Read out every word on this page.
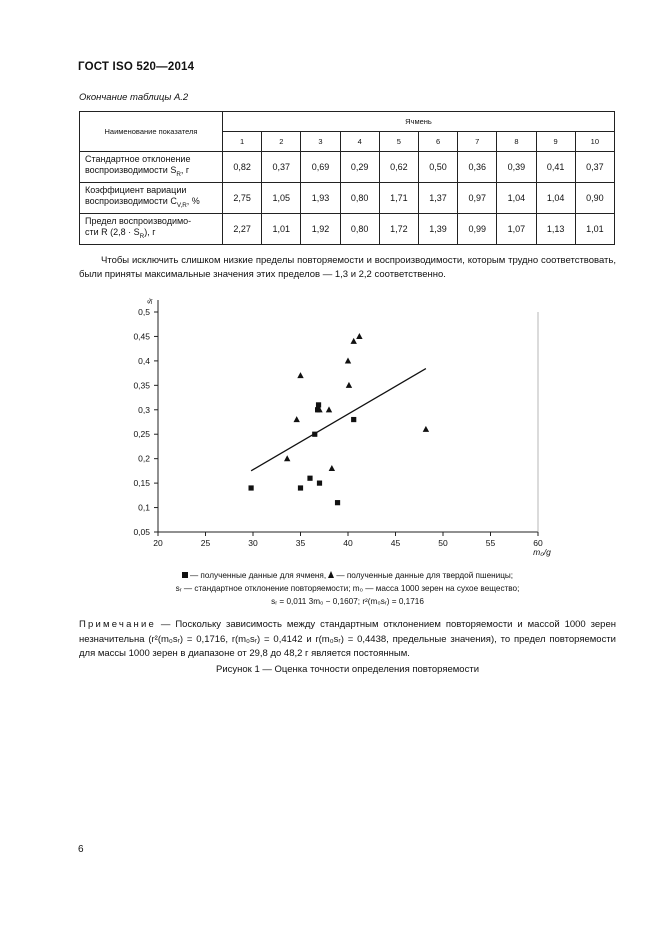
ГОСТ ISO 520—2014
Окончание таблицы А.2
Наименование показателя	Ячмень									
	1	2	3	4	5	6	7	8	9	10
Стандартное отклонение
воспроизводимости $S_R$, г	0,82	0,37	0,69	0,29	0,62	0,50	0,36	0,39	0,41	0,37
Коэффициент вариации
воспроизводимости $C_{V,R}$, %	2,75	1,05	1,93	0,80	1,71	1,37	0,97	1,04	1,04	0,90
Предел воспроизводимо-
сти R $(2,8 \cdot S_R)$, г	2,27	1,01	1,92	0,80	1,72	1,39	0,99	1,07	1,13	1,01
Чтобы исключить слишком низкие пределы повторяемости и воспроизводимости, которым трудно соответствовать, были приняты максимальные значения этих пределов — 1,3 и 2,2 соответственно.
20	25	30	35	40	45	50	55	60
0,05
0,1
0,15
0,2
0,25
0,3
0,35
0,4
0,45
0,5
m₀/g
sᵣ
— полученные данные для ячменя, — полученные данные для твердой пшеницы;
sᵣ — стандартное отклонение повторяемости; m₀ — масса 1000 зерен на сухое вещество;
sᵣ = 0,011 3m₀ − 0,1607; r²(m₀sᵣ) = 0,1716
Примечание — Поскольку зависимость между стандартным отклонением повторяемости и массой 1000 зерен незначительна (r²(m₀sᵣ) = 0,1716, r(m₀sᵣ) = 0,4142 и r(m₀sᵣ) = 0,4438, предельные значения), то предел повторяемости для массы 1000 зерен в диапазоне от 29,8 до 48,2 г является постоянным.
Рисунок 1 — Оценка точности определения повторяемости
6
